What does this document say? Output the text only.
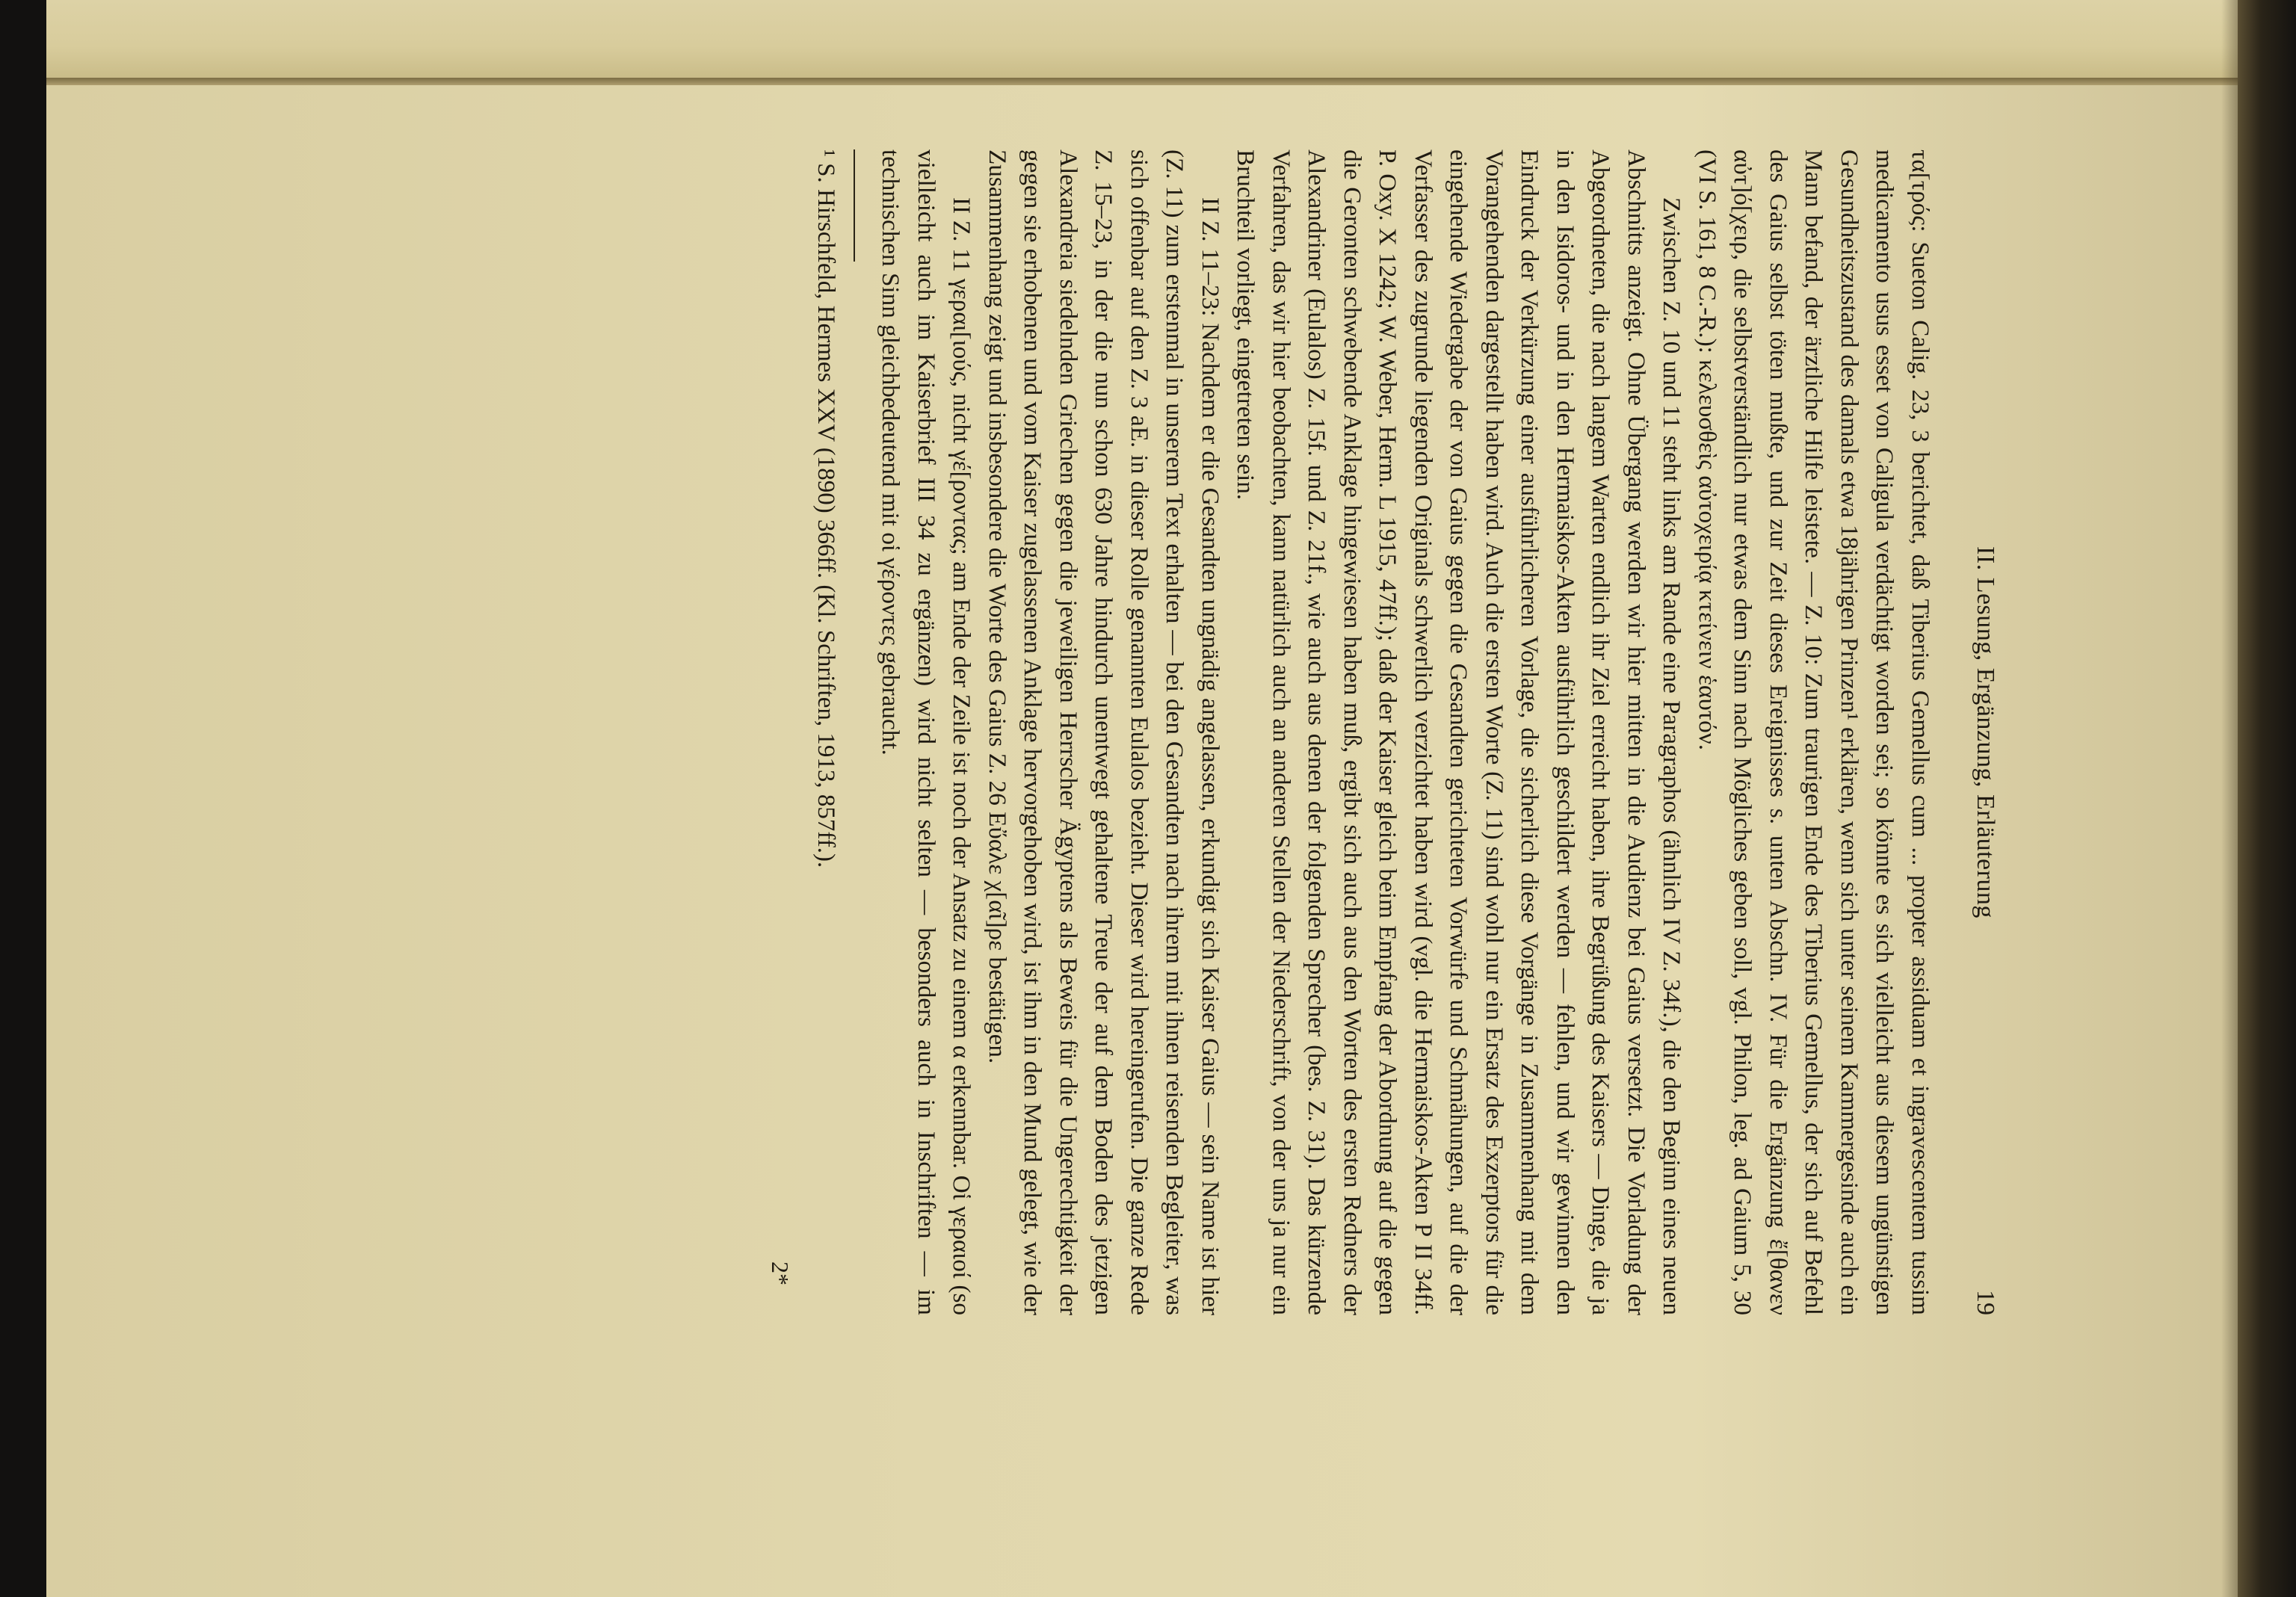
II. Lesung, Ergänzung, Erläuterung
19

τα[τρός: Sueton Calig. 23, 3 berichtet, daß Tiberius Gemellus cum ... propter assiduam et ingravescentem tussim medicamento usus esset von Caligula verdächtigt worden sei; so könnte es sich vielleicht aus diesem ungünstigen Gesundheitszustand des damals etwa 18jährigen Prinzen¹ erklären, wenn sich unter seinem Kammergesinde auch ein Mann befand, der ärztliche Hilfe leistete. — Z. 10: Zum traurigen Ende des Tiberius Gemellus, der sich auf Befehl des Gaius selbst töten mußte, und zur Zeit dieses Ereignisses s. unten Abschn. IV. Für die Ergänzung ἔ[θανεν αὐτ]ό[χειρ, die selbstverständlich nur etwas dem Sinn nach Mögliches geben soll, vgl. Philon, leg. ad Gaium 5, 30 (VI S. 161, 8 C.-R.): κελευσθεὶς αὐτοχειρίᾳ κτείνειν ἑαυτόν.

Zwischen Z. 10 und 11 steht links am Rande eine Paragraphos (ähnlich IV Z. 34f.), die den Beginn eines neuen Abschnitts anzeigt. Ohne Übergang werden wir hier mitten in die Audienz bei Gaius versetzt. Die Vorladung der Abgeordneten, die nach langem Warten endlich ihr Ziel erreicht haben, ihre Begrüßung des Kaisers — Dinge, die ja in den Isidoros- und in den Hermaiskos-Akten ausführlich geschildert werden — fehlen, und wir gewinnen den Eindruck der Verkürzung einer ausführlicheren Vorlage, die sicherlich diese Vorgänge in Zusammenhang mit dem Vorangehenden dargestellt haben wird. Auch die ersten Worte (Z. 11) sind wohl nur ein Ersatz des Exzerptors für die eingehende Wiedergabe der von Gaius gegen die Gesandten gerichteten Vorwürfe und Schmähungen, auf die der Verfasser des zugrunde liegenden Originals schwerlich verzichtet haben wird (vgl. die Hermaiskos-Akten P II 34ff. P. Oxy. X 1242; W. Weber, Herm. L 1915, 47ff.); daß der Kaiser gleich beim Empfang der Abordnung auf die gegen die Geronten schwebende Anklage hingewiesen haben muß, ergibt sich auch aus den Worten des ersten Redners der Alexandriner (Eulalos) Z. 15f. und Z. 21f., wie auch aus denen der folgenden Sprecher (bes. Z. 31). Das kürzende Verfahren, das wir hier beobachten, kann natürlich auch an anderen Stellen der Niederschrift, von der uns ja nur ein Bruchteil vorliegt, eingetreten sein.

II Z. 11–23: Nachdem er die Gesandten ungnädig angelassen, erkundigt sich Kaiser Gaius — sein Name ist hier (Z. 11) zum erstenmal in unserem Text erhalten — bei den Gesandten nach ihrem mit ihnen reisenden Begleiter, was sich offenbar auf den Z. 3 aE. in dieser Rolle genannten Eulalos bezieht. Dieser wird hereingerufen. Die ganze Rede Z. 15–23, in der die nun schon 630 Jahre hindurch unentwegt gehaltene Treue der auf dem Boden des jetzigen Alexandreia siedelnden Griechen gegen die jeweiligen Herrscher Ägyptens als Beweis für die Ungerechtigkeit der gegen sie erhobenen und vom Kaiser zugelassenen Anklage hervorgehoben wird, ist ihm in den Mund gelegt, wie der Zusammenhang zeigt und insbesondere die Worte des Gaius Z. 26 Εὔαλε χ[αῖ]ρε bestätigen.

II Z. 11 γεραι[ιούς, nicht γέ[ροντας; am Ende der Zeile ist noch der Ansatz zu einem α erkennbar. Οἱ γεραιοί (so vielleicht auch im Kaiserbrief III 34 zu ergänzen) wird nicht selten — besonders auch in Inschriften — im technischen Sinn gleichbedeutend mit οἱ γέροντες gebraucht.

¹ S. Hirschfeld, Hermes XXV (1890) 366ff. (Kl. Schriften, 1913, 857ff.).

2*
